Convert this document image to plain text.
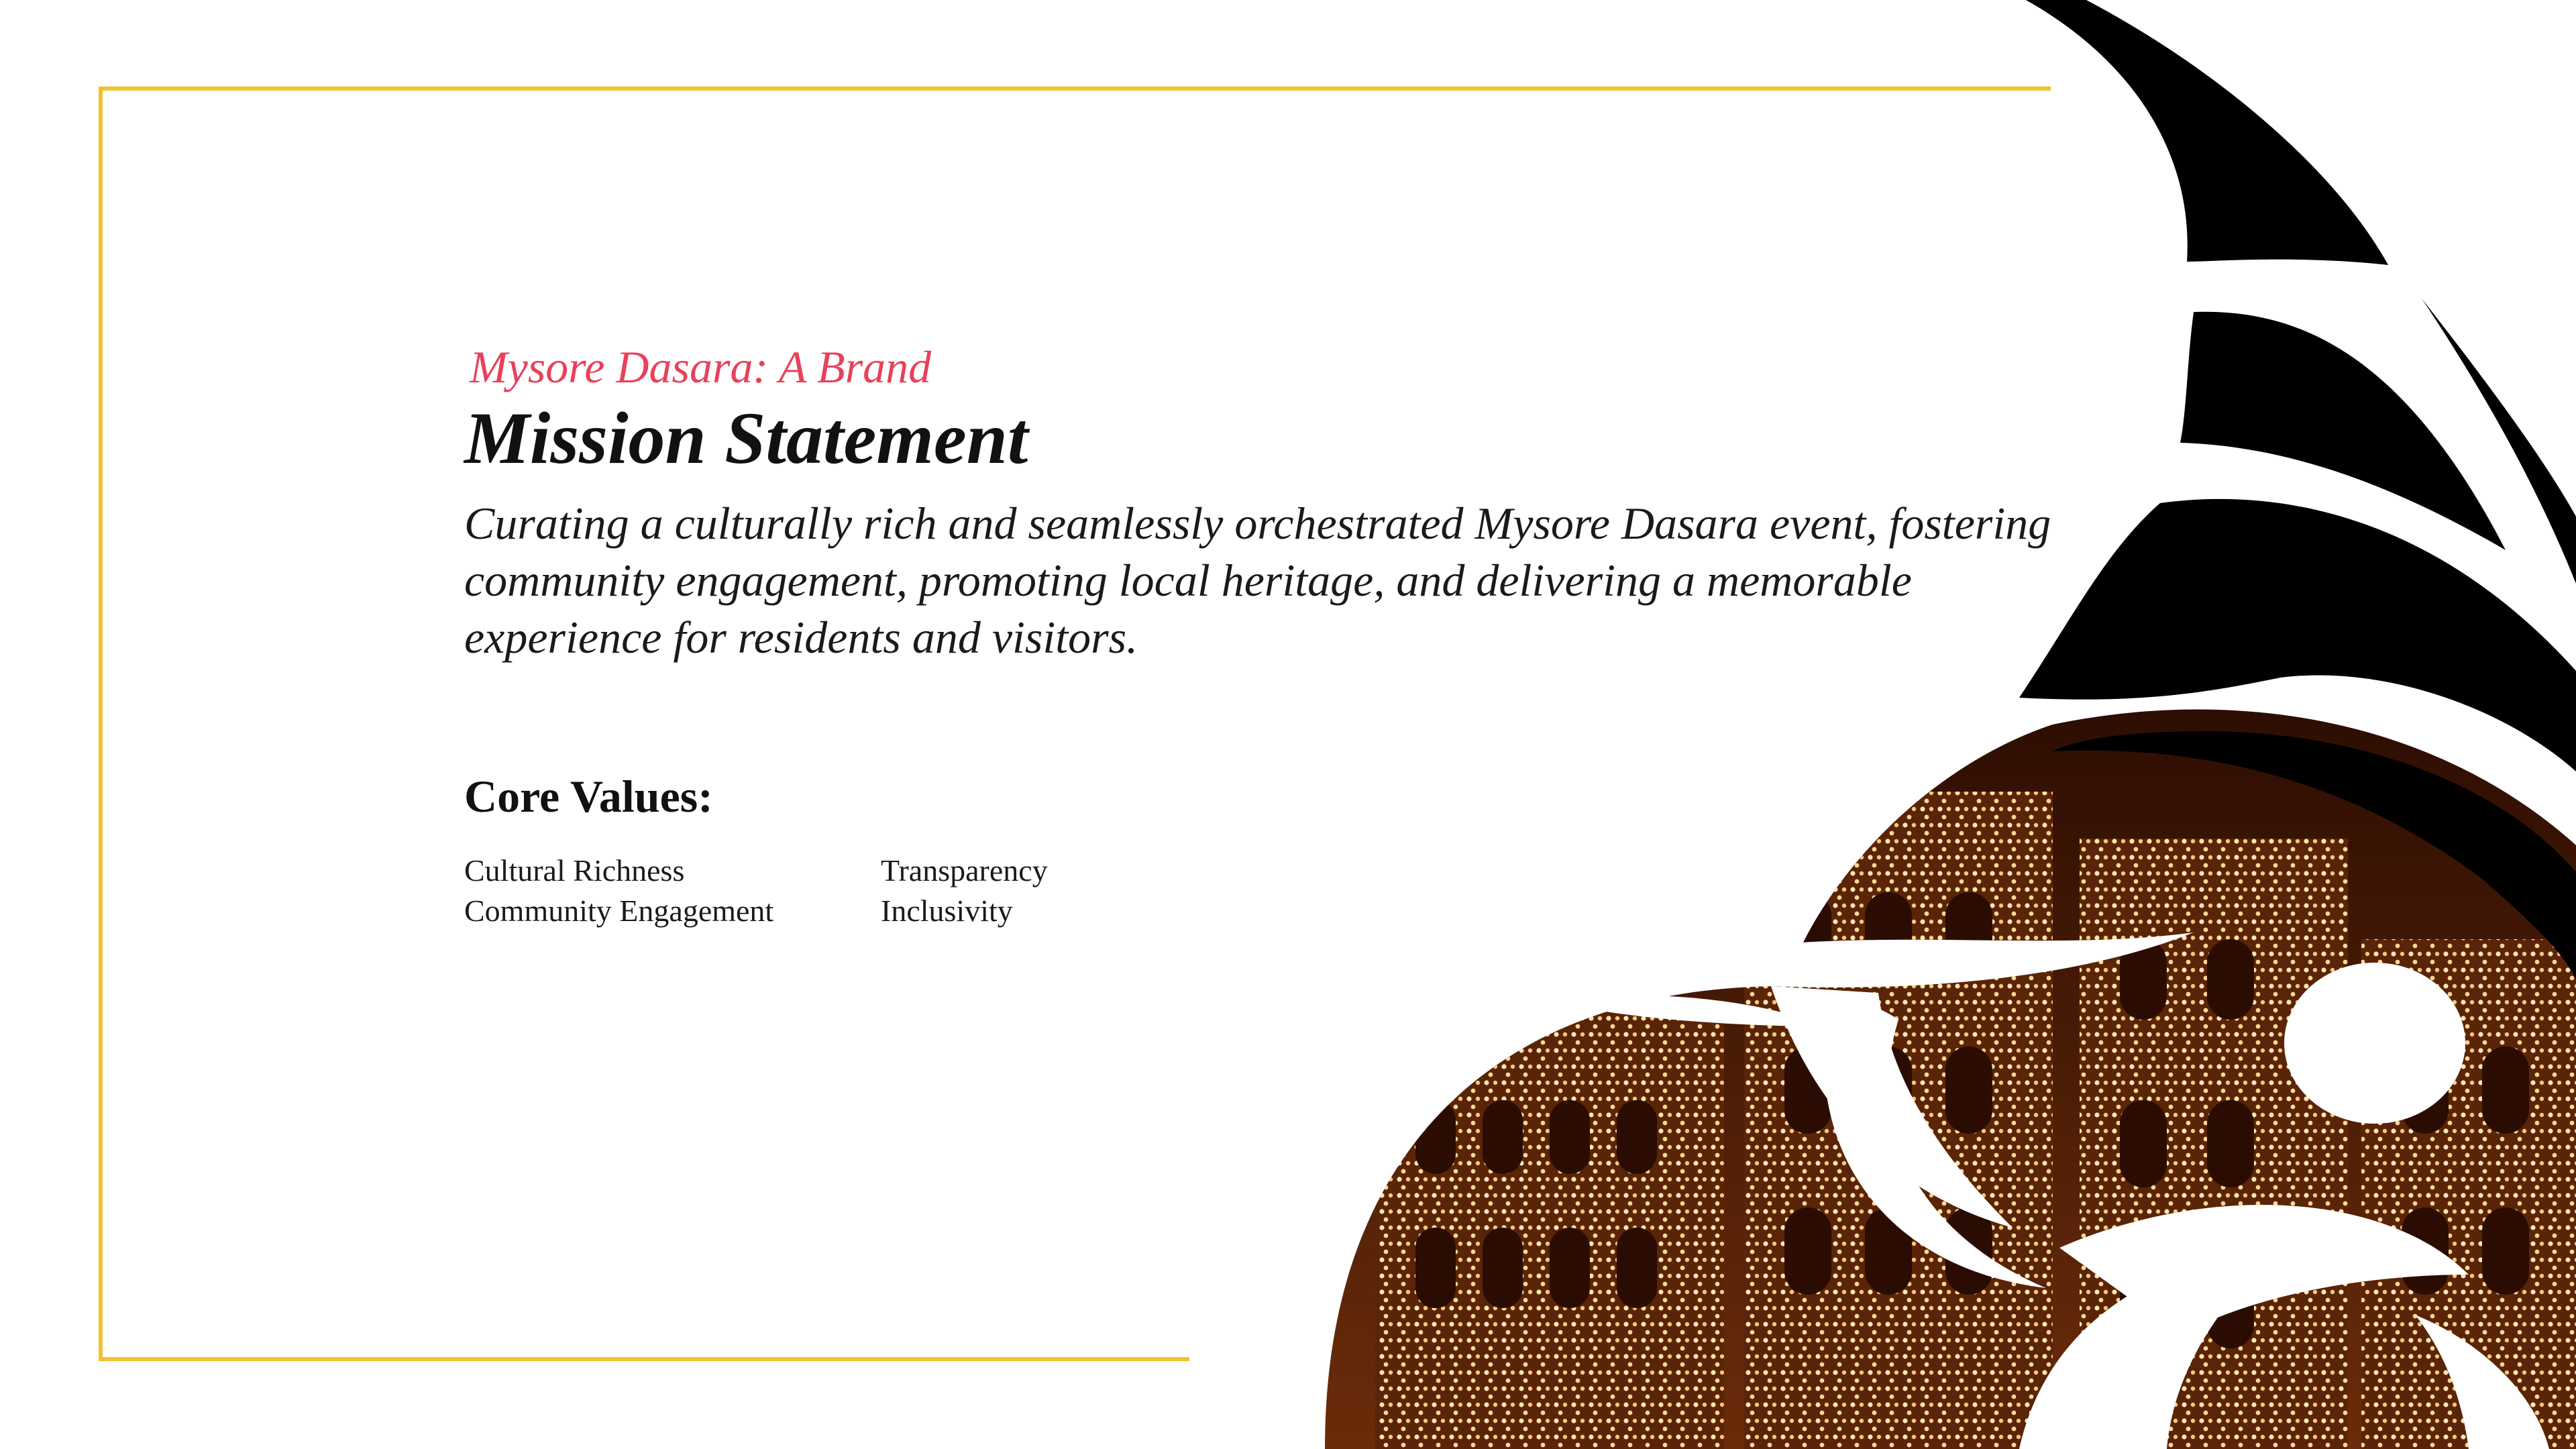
Mysore Dasara: A Brand
Mission Statement
Curating a culturally rich and seamlessly orchestrated Mysore Dasara event, fostering community engagement, promoting local heritage, and delivering a memorable experience for residents and visitors.
Core Values:
Cultural Richness
Community Engagement
Transparency
Inclusivity
